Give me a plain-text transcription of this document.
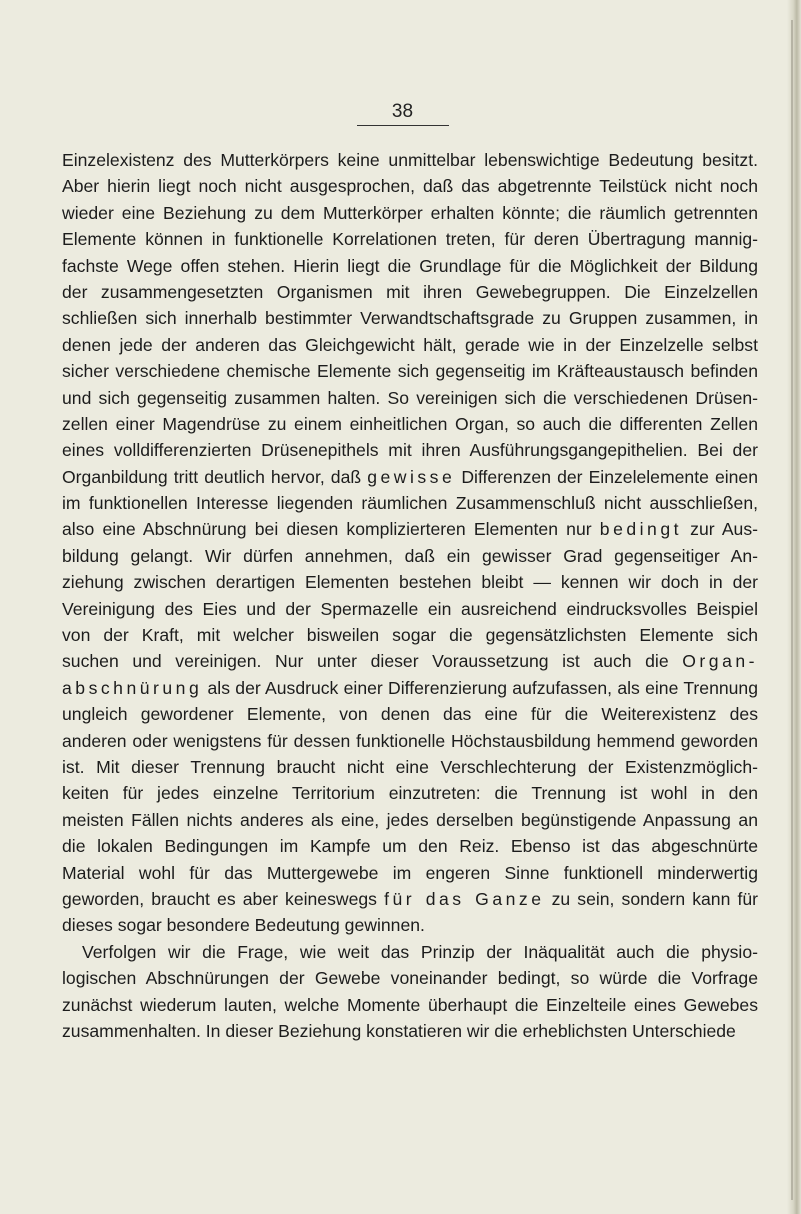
38
Einzelexistenz des Mutterkörpers keine unmittelbar lebenswichtige Bedeutung besitzt.
Aber hierin liegt noch nicht ausgesprochen, daß das abgetrennte Teilstück nicht noch
wieder eine Beziehung zu dem Mutterkörper erhalten könnte; die räumlich getrennten
Elemente können in funktionelle Korrelationen treten, für deren Übertragung mannig-
fachste Wege offen stehen. Hierin liegt die Grundlage für die Möglichkeit der Bildung
der zusammengesetzten Organismen mit ihren Gewebegruppen. Die Einzelzellen
schließen sich innerhalb bestimmter Verwandtschaftsgrade zu Gruppen zusammen, in
denen jede der anderen das Gleichgewicht hält, gerade wie in der Einzelzelle selbst
sicher verschiedene chemische Elemente sich gegenseitig im Kräfteaustausch befinden
und sich gegenseitig zusammen halten. So vereinigen sich die verschiedenen Drüsen-
zellen einer Magendrüse zu einem einheitlichen Organ, so auch die differenten Zellen
eines volldifferenzierten Drüsenepithels mit ihren Ausführungsgangepithelien. Bei der
Organbildung tritt deutlich hervor, daß gewisse Differenzen der Einzelelemente einen
im funktionellen Interesse liegenden räumlichen Zusammenschluß nicht ausschließen,
also eine Abschnürung bei diesen komplizierteren Elementen nur bedingt zur Aus-
bildung gelangt. Wir dürfen annehmen, daß ein gewisser Grad gegenseitiger An-
ziehung zwischen derartigen Elementen bestehen bleibt — kennen wir doch in der
Vereinigung des Eies und der Spermazelle ein ausreichend eindrucksvolles Beispiel
von der Kraft, mit welcher bisweilen sogar die gegensätzlichsten Elemente sich
suchen und vereinigen. Nur unter dieser Voraussetzung ist auch die Organ-
abschnürung als der Ausdruck einer Differenzierung aufzufassen, als eine Trennung
ungleich gewordener Elemente, von denen das eine für die Weiterexistenz des
anderen oder wenigstens für dessen funktionelle Höchstausbildung hemmend geworden
ist. Mit dieser Trennung braucht nicht eine Verschlechterung der Existenzmöglich-
keiten für jedes einzelne Territorium einzutreten: die Trennung ist wohl in den
meisten Fällen nichts anderes als eine, jedes derselben begünstigende Anpassung an
die lokalen Bedingungen im Kampfe um den Reiz. Ebenso ist das abgeschnürte
Material wohl für das Muttergewebe im engeren Sinne funktionell minderwertig
geworden, braucht es aber keineswegs für das Ganze zu sein, sondern kann für
dieses sogar besondere Bedeutung gewinnen.
Verfolgen wir die Frage, wie weit das Prinzip der Inäqualität auch die physio-
logischen Abschnürungen der Gewebe voneinander bedingt, so würde die Vorfrage
zunächst wiederum lauten, welche Momente überhaupt die Einzelteile eines Gewebes
zusammenhalten. In dieser Beziehung konstatieren wir die erheblichsten Unterschiede
